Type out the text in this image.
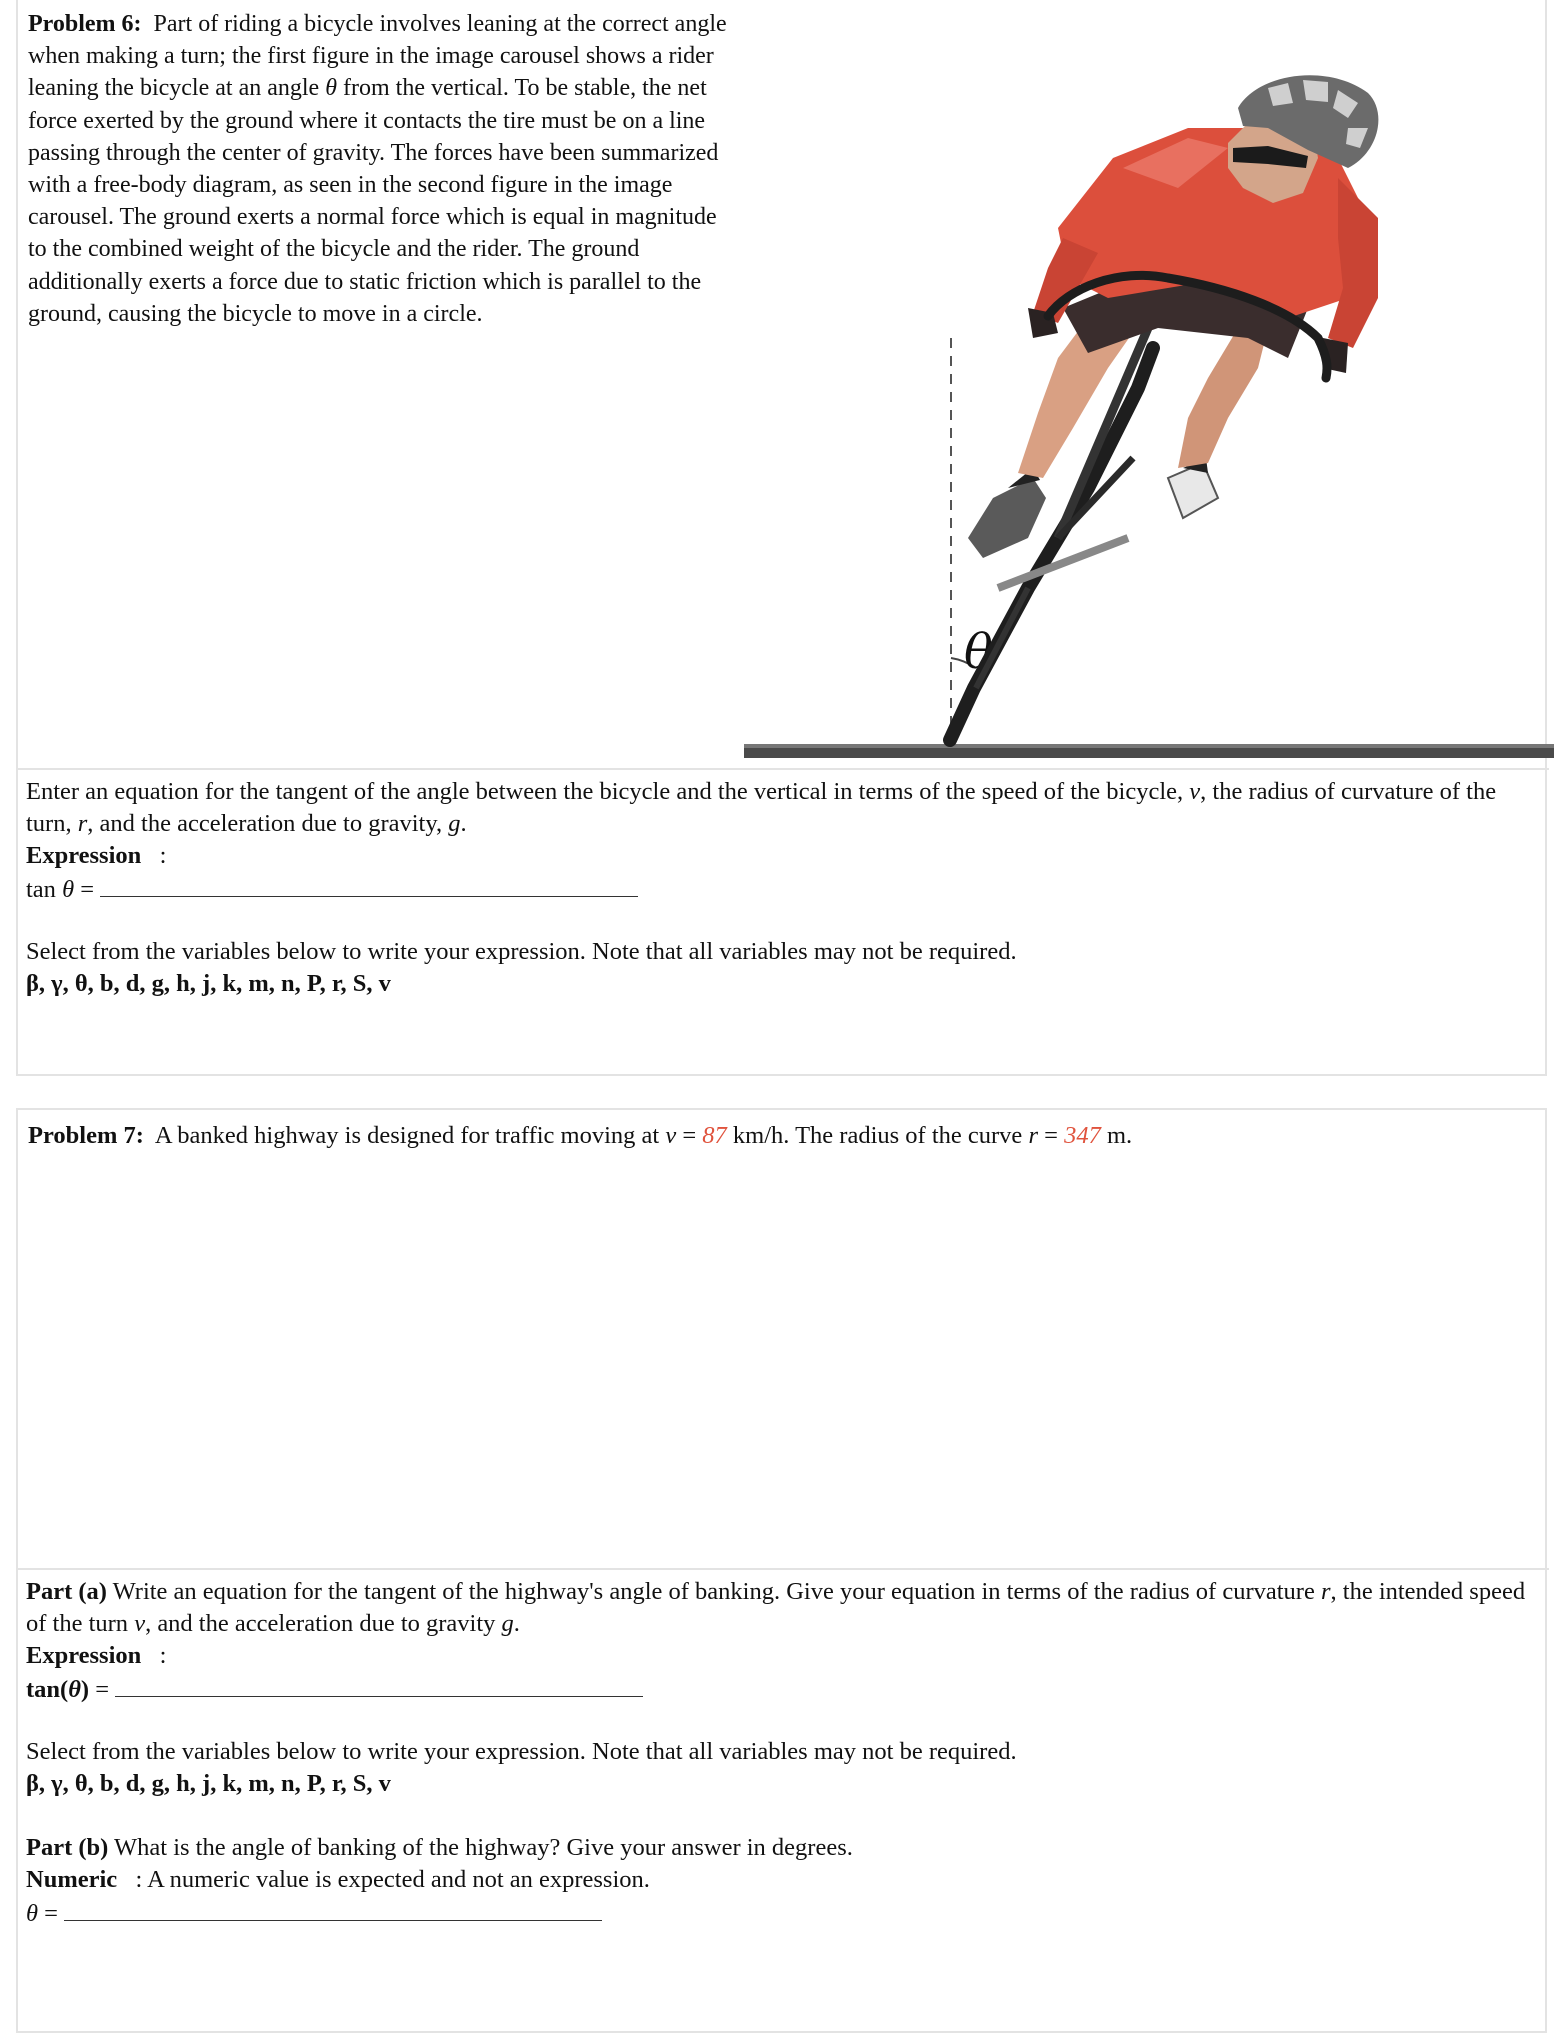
Problem 6: Part of riding a bicycle involves leaning at the correct angle when making a turn; the first figure in the image carousel shows a rider leaning the bicycle at an angle θ from the vertical. To be stable, the net force exerted by the ground where it contacts the tire must be on a line passing through the center of gravity. The forces have been summarized with a free-body diagram, as seen in the second figure in the image carousel. The ground exerts a normal force which is equal in magnitude to the combined weight of the bicycle and the rider. The ground additionally exerts a force due to static friction which is parallel to the ground, causing the bicycle to move in a circle.
θ
Enter an equation for the tangent of the angle between the bicycle and the vertical in terms of the speed of the bicycle, v, the radius of curvature of the turn, r, and the acceleration due to gravity, g.
Expression :
tan θ =
Select from the variables below to write your expression. Note that all variables may not be required.
β, γ, θ, b, d, g, h, j, k, m, n, P, r, S, v
Problem 7: A banked highway is designed for traffic moving at v = 87 km/h. The radius of the curve r = 347 m.
Part (a) Write an equation for the tangent of the highway's angle of banking. Give your equation in terms of the radius of curvature r, the intended speed of the turn v, and the acceleration due to gravity g.
Expression :
tan(θ) =
Select from the variables below to write your expression. Note that all variables may not be required.
β, γ, θ, b, d, g, h, j, k, m, n, P, r, S, v
Part (b) What is the angle of banking of the highway? Give your answer in degrees.
Numeric : A numeric value is expected and not an expression.
θ =
